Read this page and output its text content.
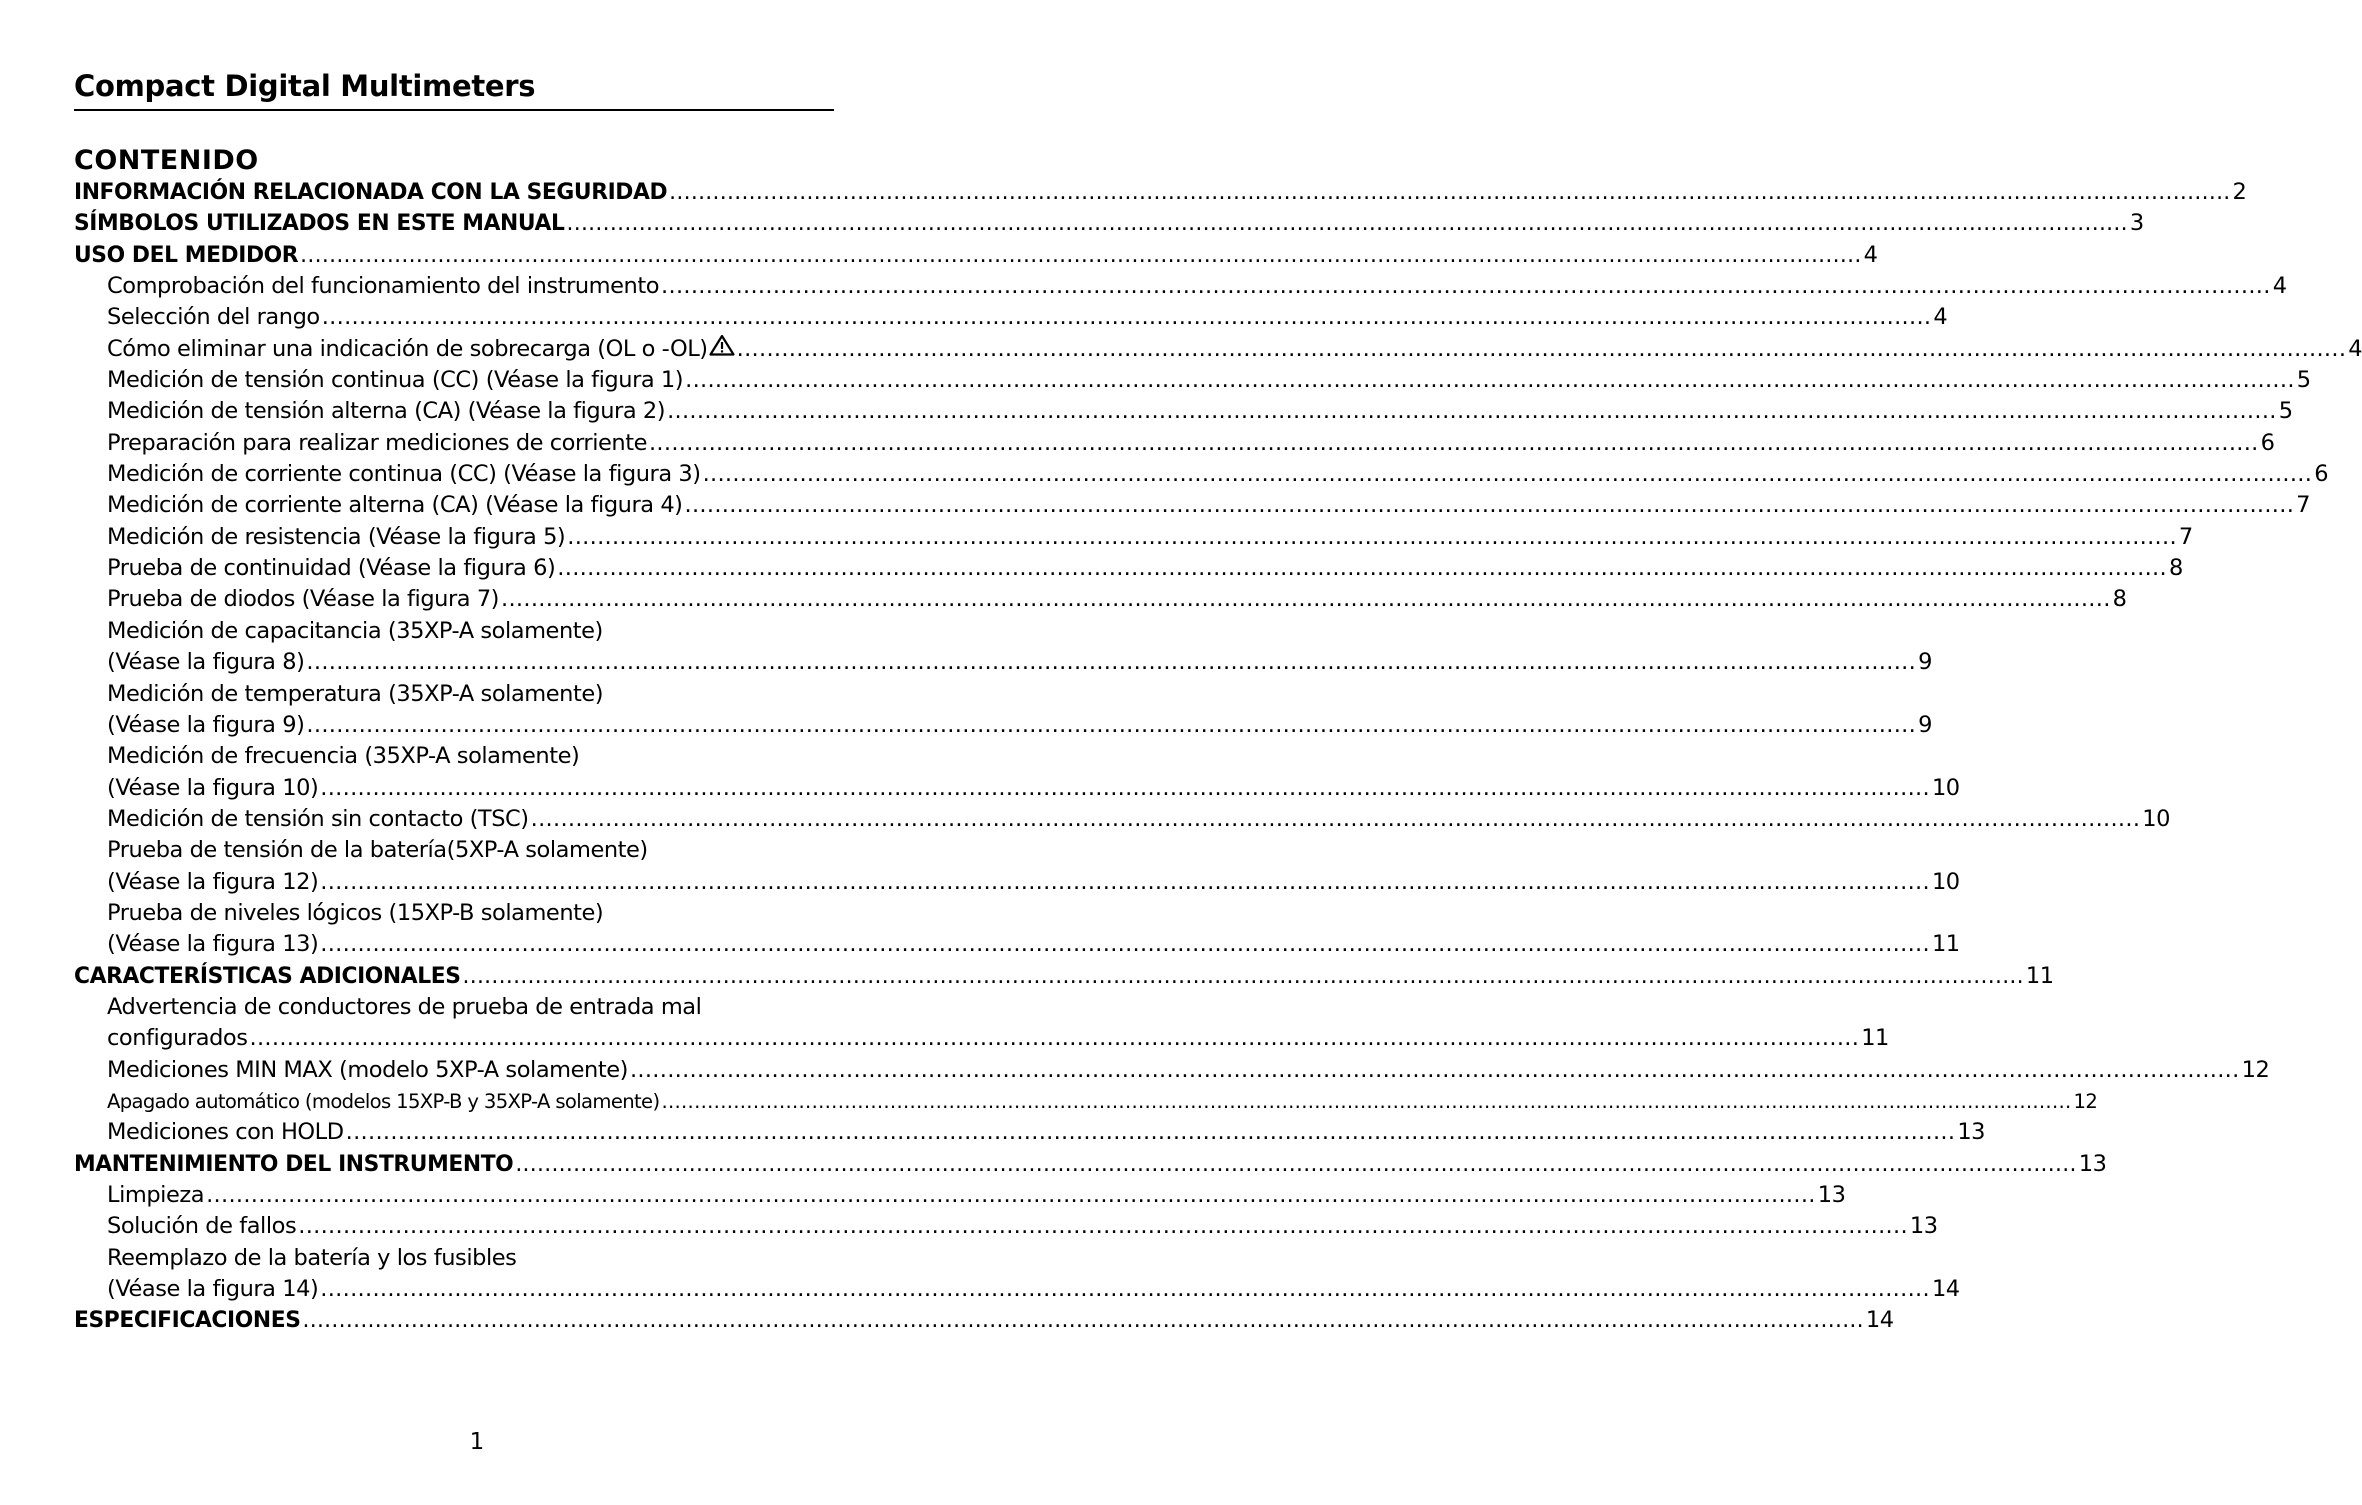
Compact Digital Multimeters
CONTENIDO
INFORMACIÓN RELACIONADA CON LA SEGURIDAD .....	2
SÍMBOLOS UTILIZADOS EN ESTE MANUAL .....	3
USO DEL MEDIDOR .....	4
Comprobación del funcionamiento del instrumento .....	4
Selección del rango .....	4
Cómo eliminar una indicación de sobrecarga (OL o -OL) .....	4
Medición de tensión continua (CC) (Véase la figura 1) .....	5
Medición de tensión alterna (CA) (Véase la figura 2) .....	5
Preparación para realizar mediciones de corriente .....	6
Medición de corriente continua (CC) (Véase la figura 3) .....	6
Medición de corriente alterna (CA) (Véase la figura 4) .....	7
Medición de resistencia (Véase la figura 5) .....	7
Prueba de continuidad (Véase la figura 6) .....	8
Prueba de diodos (Véase la figura 7) .....	8
Medición de capacitancia (35XP-A solamente)
(Véase la figura 8) .....	9
Medición de temperatura (35XP-A solamente)
(Véase la figura 9) .....	9
Medición de frecuencia (35XP-A solamente)
(Véase la figura 10) .....	10
Medición de tensión sin contacto (TSC) .....	10
Prueba de tensión de la batería(5XP-A solamente)
(Véase la figura 12) .....	10
Prueba de niveles lógicos (15XP-B solamente)
(Véase la figura 13) .....	11
CARACTERÍSTICAS ADICIONALES .....	11
Advertencia de conductores de prueba de entrada mal
configurados .....	11
Mediciones MIN MAX (modelo 5XP-A solamente) .....	12
Apagado automático (modelos 15XP-B y 35XP-A solamente) .....	12
Mediciones con HOLD .....	13
MANTENIMIENTO DEL INSTRUMENTO .....	13
Limpieza .....	13
Solución de fallos .....	13
Reemplazo de la batería y los fusibles
(Véase la figura 14) .....	14
ESPECIFICACIONES .....	14
1
